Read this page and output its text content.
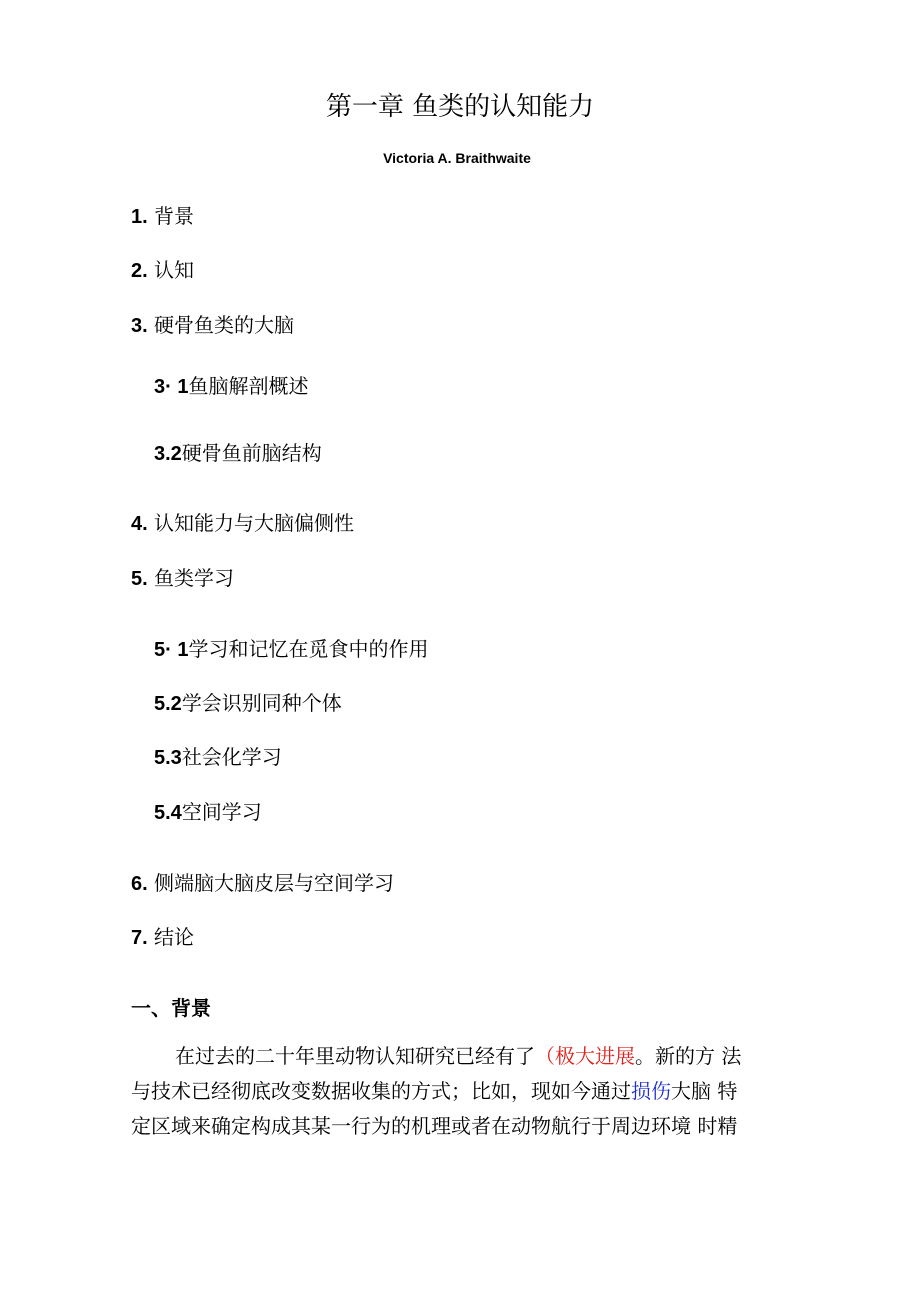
第一章 鱼类的认知能力
Victoria A. Braithwaite
1. 背景
2. 认知
3. 硬骨鱼类的大脑
3· 1鱼脑解剖概述
3.2硬骨鱼前脑结构
4. 认知能力与大脑偏侧性
5. 鱼类学习
5· 1学习和记忆在觅食中的作用
5.2学会识别同种个体
5.3社会化学习
5.4空间学习
6. 侧端脑大脑皮层与空间学习
7. 结论
一、背景
在过去的二十年里动物认知研究已经有了（极大进展。新的方 法
与技术已经彻底改变数据收集的方式；比如，现如今通过损伤大脑 特
定区域来确定构成其某一行为的机理或者在动物航行于周边环境 时精
